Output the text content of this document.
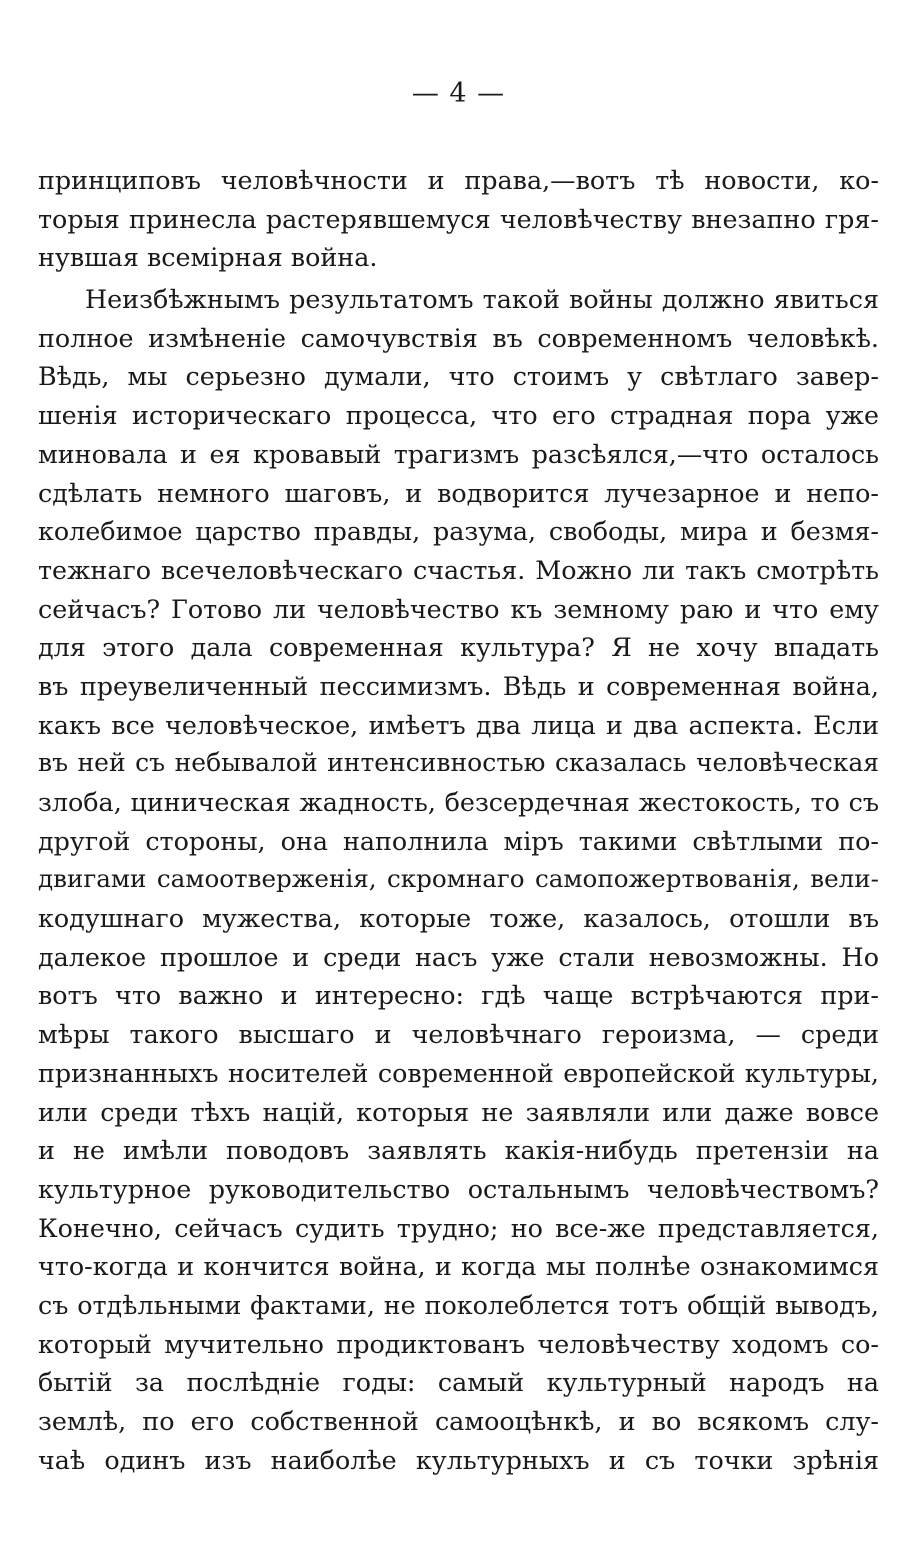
— 4 —

принциповъ человѣчности и права,—вотъ тѣ новости, ко-
торыя принесла растерявшемуся человѣчеству внезапно гря-
нувшая всемірная война.

Неизбѣжнымъ результатомъ такой войны должно явиться
полное измѣненіе самочувствія въ современномъ человѣкѣ.
Вѣдь, мы серьезно думали, что стоимъ у свѣтлаго завер-
шенія историческаго процесса, что его страдная пора уже
миновала и ея кровавый трагизмъ разсѣялся,—что осталось
сдѣлать немного шаговъ, и водворится лучезарное и непо-
колебимое царство правды, разума, свободы, мира и безмя-
тежнаго всечеловѣческаго счастья. Можно ли такъ смотрѣть
сейчасъ? Готово ли человѣчество къ земному раю и что ему
для этого дала современная культура? Я не хочу впадать
въ преувеличенный пессимизмъ. Вѣдь и современная война,
какъ все человѣческое, имѣетъ два лица и два аспекта. Если
въ ней съ небывалой интенсивностью сказалась человѣческая
злоба, циническая жадность, безсердечная жестокость, то съ
другой стороны, она наполнила міръ такими свѣтлыми по-
двигами самоотверженія, скромнаго самопожертвованія, вели-
кодушнаго мужества, которые тоже, казалось, отошли въ
далекое прошлое и среди насъ уже стали невозможны. Но
вотъ что важно и интересно: гдѣ чаще встрѣчаются при-
мѣры такого высшаго и человѣчнаго героизма, — среди
признанныхъ носителей современной европейской культуры,
или среди тѣхъ націй, которыя не заявляли или даже вовсе
и не имѣли поводовъ заявлять какія-нибудь претензіи на
культурное руководительство остальнымъ человѣчествомъ?
Конечно, сейчасъ судить трудно; но все-же представляется,
что-когда и кончится война, и когда мы полнѣе ознакомимся
съ отдѣльными фактами, не поколеблется тотъ общій выводъ,
который мучительно продиктованъ человѣчеству ходомъ со-
бытій за послѣдніе годы: самый культурный народъ на
землѣ, по его собственной самооцѣнкѣ, и во всякомъ слу-
чаѣ одинъ изъ наиболѣе культурныхъ и съ точки зрѣнія
